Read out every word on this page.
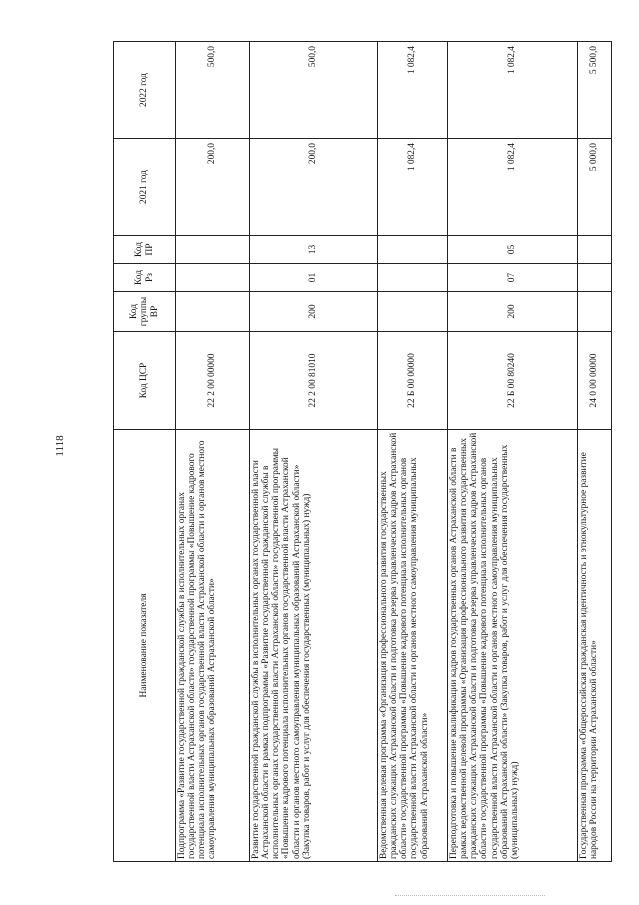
1118
Наименование показателя	Код ЦСР	Код группы ВР	Код Рз	Код ПР	2021 год	2022 год
Подпрограмма «Развитие государственной гражданской службы в исполнительных органах государственной власти Астраханской области» государственной программы «Повышение кадрового потенциала исполнительных органов государственной власти Астраханской области и органов местного самоуправления муниципальных образований Астраханской области»	22 2 00 00000				200,0	500,0
Развитие государственной гражданской службы в исполнительных органах государственной власти Астраханской области в рамках подпрограммы «Развитие государственной гражданской службы в исполнительных органах государственной власти Астраханской области» государственной программы «Повышение кадрового потенциала исполнительных органов государственной власти Астраханской области и органов местного самоуправления муниципальных образований Астраханской области» (Закупка товаров, работ и услуг для обеспечения государственных (муниципальных) нужд)	22 2 00 81010	200	01	13	200,0	500,0
Ведомственная целевая программа «Организация профессионального развития государственных гражданских служащих Астраханской области и подготовка резерва управленческих кадров Астраханской области» государственной программы «Повышение кадрового потенциала исполнительных органов государственной власти Астраханской области и органов местного самоуправления муниципальных образований Астраханской области»	22 Б 00 00000				1 082,4	1 082,4
Переподготовка и повышение квалификации кадров государственных органов Астраханской области в рамках ведомственной целевой программы «Организация профессионального развития государственных гражданских служащих Астраханской области и подготовка резерва управленческих кадров Астраханской области» государственной программы «Повышение кадрового потенциала исполнительных органов государственной власти Астраханской области и органов местного самоуправления муниципальных образований Астраханской области» (Закупка товаров, работ и услуг для обеспечения государственных (муниципальных) нужд)	22 Б 00 80240	200	07	05	1 082,4	1 082,4
Государственная программа «Общероссийская гражданская идентичность и этнокультурное развитие народов России на территории Астраханской области»	24 0 00 00000				5 000,0	5 500,0
